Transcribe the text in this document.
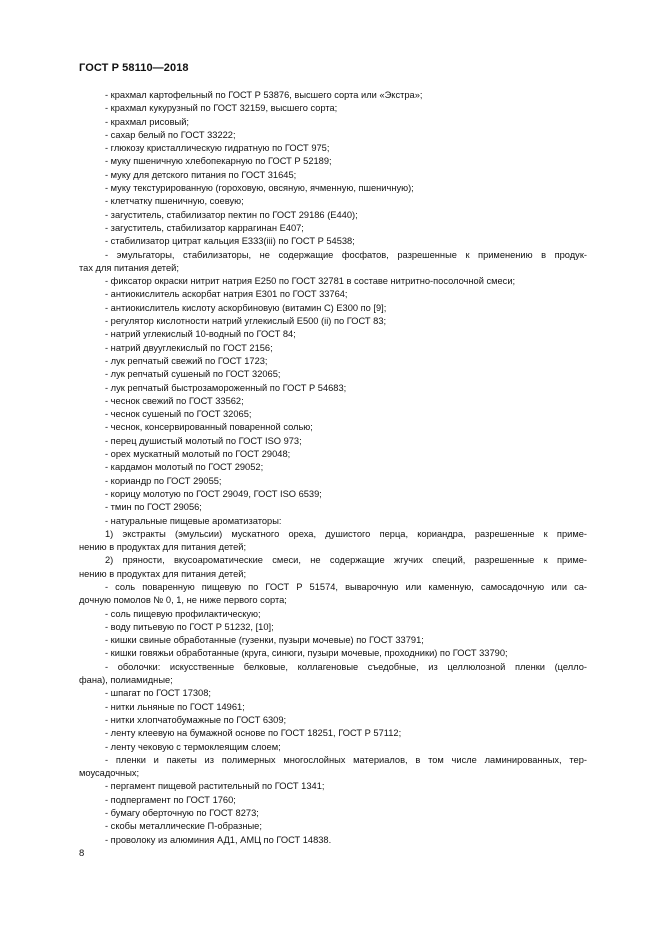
ГОСТ Р 58110—2018
- крахмал картофельный по ГОСТ Р 53876, высшего сорта или «Экстра»;
- крахмал кукурузный по ГОСТ 32159, высшего сорта;
- крахмал рисовый;
- сахар белый по ГОСТ 33222;
- глюкозу кристаллическую гидратную по ГОСТ 975;
- муку пшеничную хлебопекарную по ГОСТ Р 52189;
- муку для детского питания по ГОСТ 31645;
- муку текстурированную (гороховую, овсяную, ячменную, пшеничную);
- клетчатку пшеничную, соевую;
- загуститель, стабилизатор пектин по ГОСТ 29186 (Е440);
- загуститель, стабилизатор каррагинан Е407;
- стабилизатор цитрат кальция Е333(iii) по ГОСТ Р 54538;
- эмульгаторы, стабилизаторы, не содержащие фосфатов, разрешенные к применению в продук-
тах для питания детей;
- фиксатор окраски нитрит натрия Е250 по ГОСТ 32781 в составе нитритно-посолочной смеси;
- антиокислитель аскорбат натрия Е301 по ГОСТ 33764;
- антиокислитель кислоту аскорбиновую (витамин С) Е300 по [9];
- регулятор кислотности натрий углекислый Е500 (ii) по ГОСТ 83;
- натрий углекислый 10-водный по ГОСТ 84;
- натрий двууглекислый по ГОСТ 2156;
- лук репчатый свежий по ГОСТ 1723;
- лук репчатый сушеный по ГОСТ 32065;
- лук репчатый быстрозамороженный по ГОСТ Р 54683;
- чеснок свежий по ГОСТ 33562;
- чеснок сушеный по ГОСТ 32065;
- чеснок, консервированный поваренной солью;
- перец душистый молотый по ГОСТ ISO 973;
- орех мускатный молотый по ГОСТ 29048;
- кардамон молотый по ГОСТ 29052;
- кориандр по ГОСТ 29055;
- корицу молотую по ГОСТ 29049, ГОСТ ISO 6539;
- тмин по ГОСТ 29056;
- натуральные пищевые ароматизаторы:
1) экстракты (эмульсии) мускатного ореха, душистого перца, кориандра, разрешенные к приме-
нению в продуктах для питания детей;
2) пряности, вкусоароматические смеси, не содержащие жгучих специй, разрешенные к приме-
нению в продуктах для питания детей;
- соль поваренную пищевую по ГОСТ Р 51574, выварочную или каменную, самосадочную или са-
дочную помолов № 0, 1, не ниже первого сорта;
- соль пищевую профилактическую;
- воду питьевую по ГОСТ Р 51232, [10];
- кишки свиные обработанные (гузенки, пузыри мочевые) по ГОСТ 33791;
- кишки говяжьи обработанные (круга, синюги, пузыри мочевые, проходники) по ГОСТ 33790;
- оболочки: искусственные белковые, коллагеновые съедобные, из целлюлозной пленки (целло-
фана), полиамидные;
- шпагат по ГОСТ 17308;
- нитки льняные по ГОСТ 14961;
- нитки хлопчатобумажные по ГОСТ 6309;
- ленту клеевую на бумажной основе по ГОСТ 18251, ГОСТ Р 57112;
- ленту чековую с термоклеящим слоем;
- пленки и пакеты из полимерных многослойных материалов, в том числе ламинированных, тер-
моусадочных;
- пергамент пищевой растительный по ГОСТ 1341;
- подпергамент по ГОСТ 1760;
- бумагу оберточную по ГОСТ 8273;
- скобы металлические П-образные;
- проволоку из алюминия АД1, АМЦ по ГОСТ 14838.
8
